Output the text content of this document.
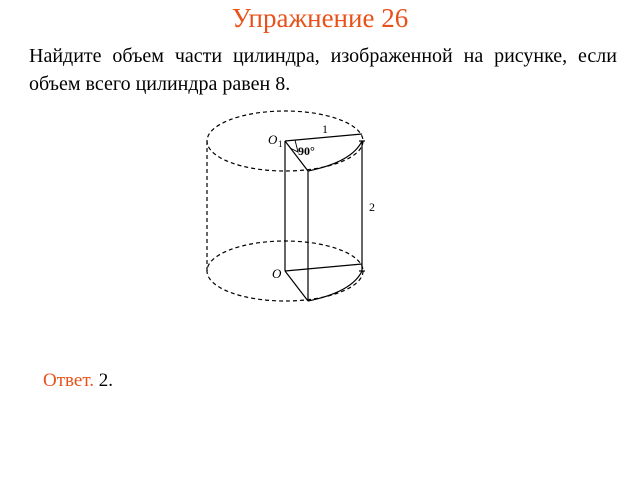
Упражнение 26
Найдите объем части цилиндра, изображенной на рисунке, если объем всего цилиндра равен 8.
O 1
1
90°
2
O
Ответ. 2.
